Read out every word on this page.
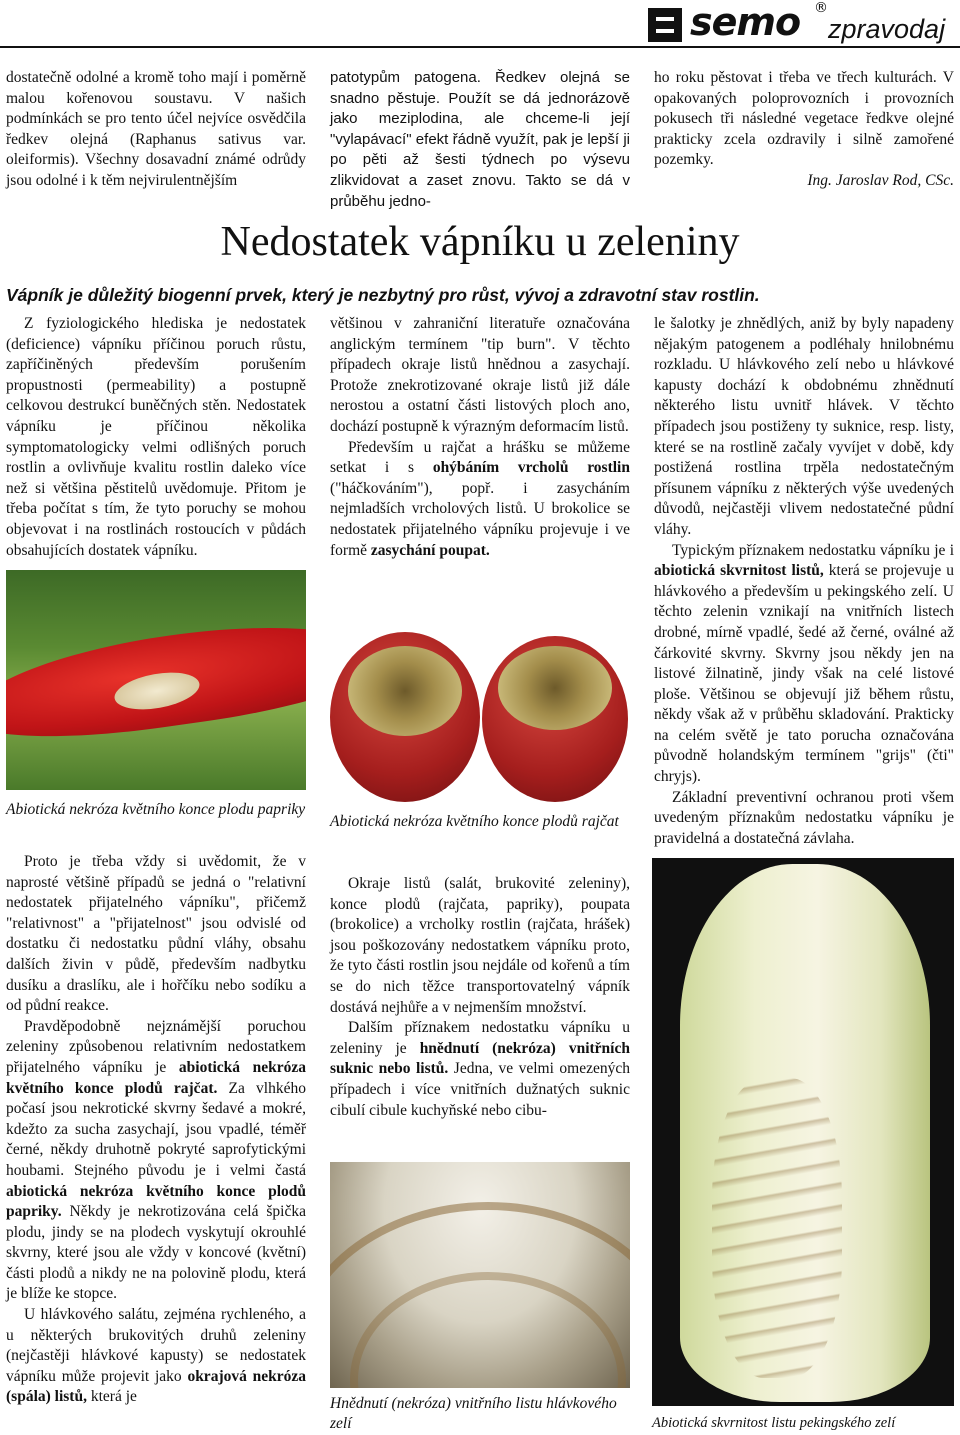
semo ®
zpravodaj

dostatečně odolné a kromě toho mají i poměrně malou kořenovou soustavu. V našich podmínkách se pro tento účel nejvíce osvědčila ředkev olejná (Raphanus sativus var. oleiformis). Všechny dosavadní známé odrůdy jsou odolné i k těm nejvirulentnějším

patotypům patogena. Ředkev olejná se snadno pěstuje. Použít se dá jednorázově jako meziplodina, ale chceme-li její "vylapávací" efekt řádně využít, pak je lepší ji po pěti až šesti týdnech po výsevu zlikvidovat a zaset znovu. Takto se dá v průběhu jedno-

ho roku pěstovat i třeba ve třech kulturách. V opakovaných poloprovozních i provozních pokusech tři následné vegetace ředkve olejné prakticky zcela ozdravily i silně zamořené pozemky.

Ing. Jaroslav Rod, CSc.
Nedostatek vápníku u zeleniny
Vápník je důležitý biogenní prvek, který je nezbytný pro růst, vývoj a zdravotní stav rostlin.

Z fyziologického hlediska je nedostatek (deficience) vápníku příčinou poruch růstu, zapříčiněných především porušením propustnosti (permeability) a postupně celkovou destrukcí buněčných stěn. Nedostatek vápníku je příčinou několika symptomatologicky velmi odlišných poruch rostlin a ovlivňuje kvalitu rostlin daleko více než si většina pěstitelů uvědomuje. Přitom je třeba počítat s tím, že tyto poruchy se mohou objevovat i na rostlinách rostoucích v půdách obsahujících dostatek vápníku.

Abiotická nekróza květního konce plodu papriky

Proto je třeba vždy si uvědomit, že v naprosté většině případů se jedná o "relativní nedostatek přijatelného vápníku", přičemž "relativnost" a "přijatelnost" jsou odvislé od dostatku či nedostatku půdní vláhy, obsahu dalších živin v půdě, především nadbytku dusíku a draslíku, ale i hořčíku nebo sodíku a od půdní reakce.

Pravděpodobně nejznámější poruchou zeleniny způsobenou relativním nedostatkem přijatelného vápníku je abiotická nekróza květního konce plodů rajčat. Za vlhkého počasí jsou nekrotické skvrny šedavé a mokré, kdežto za sucha zasychají, jsou vpadlé, téměř černé, někdy druhotně pokryté saprofytickými houbami. Stejného původu je i velmi častá abiotická nekróza květního konce plodů papriky. Někdy je nekrotizována celá špička plodu, jindy se na plodech vyskytují okrouhlé skvrny, které jsou ale vždy v koncové (květní) části plodů a nikdy ne na polovině plodu, která je blíže ke stopce.

U hlávkového salátu, zejména rychleného, a u některých brukovitých druhů zeleniny (nejčastěji hlávkové kapusty) se nedostatek vápníku může projevit jako okrajová nekróza (spála) listů, která je

většinou v zahraniční literatuře označována anglickým termínem "tip burn". V těchto případech okraje listů hnědnou a zasychají. Protože znekrotizované okraje listů již dále nerostou a ostatní části listových ploch ano, dochází postupně k výrazným deformacím listů.

Především u rajčat a hrášku se můžeme setkat i s ohýbáním vrcholů rostlin ("háčkováním"), popř. i zasycháním nejmladších vrcholových listů. U brokolice se nedostatek přijatelného vápníku projevuje i ve formě zasychání poupat.

Abiotická nekróza květního konce plodů rajčat

Okraje listů (salát, brukovité zeleniny), konce plodů (rajčata, papriky), poupata (brokolice) a vrcholky rostlin (rajčata, hrášek) jsou poškozovány nedostatkem vápníku proto, že tyto části rostlin jsou nejdále od kořenů a tím se do nich těžce transportovatelný vápník dostává nejhůře a v nejmenším množství.

Dalším příznakem nedostatku vápníku u zeleniny je hnědnutí (nekróza) vnitřních suknic nebo listů. Jedna, ve velmi omezených případech i více vnitřních dužnatých suknic cibulí cibule kuchyňské nebo cibu-

Hnědnutí (nekróza) vnitřního listu hlávkového zelí

le šalotky je zhnědlých, aniž by byly napadeny nějakým patogenem a podléhaly hnilobnému rozkladu. U hlávkového zelí nebo u hlávkové kapusty dochází k obdobnému zhnědnutí některého listu uvnitř hlávek. V těchto případech jsou postiženy ty suknice, resp. listy, které se na rostlině začaly vyvíjet v době, kdy postižená rostlina trpěla nedostatečným přísunem vápníku z některých výše uvedených důvodů, nejčastěji vlivem nedostatečné půdní vláhy.

Typickým příznakem nedostatku vápníku je i abiotická skvrnitost listů, která se projevuje u hlávkového a především u pekingského zelí. U těchto zelenin vznikají na vnitřních listech drobné, mírně vpadlé, šedé až černé, oválné až čárkovité skvrny. Skvrny jsou někdy jen na listové žilnatině, jindy však na celé listové ploše. Většinou se objevují již během růstu, někdy však až v průběhu skladování. Prakticky na celém světě je tato porucha označována původně holandským termínem "grijs" (čti" chryjs).

Základní preventivní ochranou proti všem uvedeným příznakům nedostatku vápníku je pravidelná a dostatečná závlaha.

Abiotická skvrnitost listu pekingského zelí
